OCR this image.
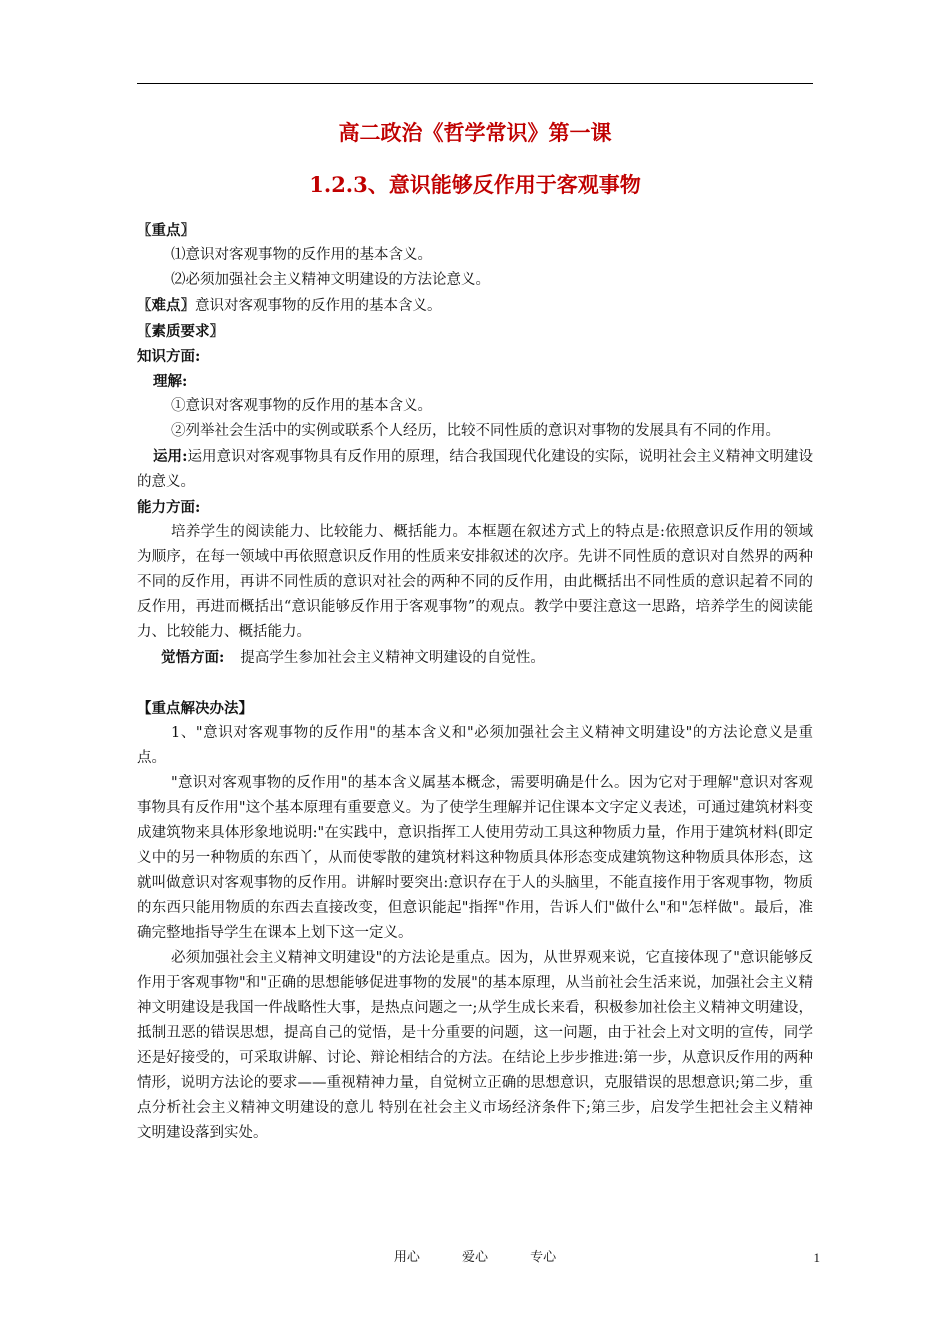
高二政治《哲学常识》第一课
1.2.3、意识能够反作用于客观事物

〖重点〗

⑴意识对客观事物的反作用的基本含义。

⑵必须加强社会主义精神文明建设的方法论意义。

〖难点〗意识对客观事物的反作用的基本含义。

〖素质要求〗

知识方面:

理解:

①意识对客观事物的反作用的基本含义。

②列举社会生活中的实例或联系个人经历，比较不同性质的意识对事物的发展具有不同的作用。

运用:运用意识对客观事物具有反作用的原理，结合我国现代化建设的实际，说明社会主义精神文明建设的意义。

能力方面:

培养学生的阅读能力、比较能力、概括能力。本框题在叙述方式上的特点是:依照意识反作用的领域为顺序，在每一领域中再依照意识反作用的性质来安排叙述的次序。先讲不同性质的意识对自然界的两种不同的反作用，再讲不同性质的意识对社会的两种不同的反作用，由此概括出不同性质的意识起着不同的反作用，再进而概括出“意识能够反作用于客观事物”的观点。教学中要注意这一思路，培养学生的阅读能力、比较能力、概括能力。

觉悟方面: 提高学生参加社会主义精神文明建设的自觉性。

【重点解决办法】

1、"意识对客观事物的反作用"的基本含义和"必须加强社会主义精神文明建设"的方法论意义是重点。

"意识对客观事物的反作用"的基本含义属基本概念，需要明确是什么。因为它对于理解"意识对客观事物具有反作用"这个基本原理有重要意义。为了使学生理解并记住课本文字定义表述，可通过建筑材料变成建筑物来具体形象地说明:"在实践中，意识指挥工人使用劳动工具这种物质力量，作用于建筑材料(即定义中的另一种物质的东西丫，从而使零散的建筑材料这种物质具体形态变成建筑物这种物质具体形态，这就叫做意识对客观事物的反作用。讲解时要突出:意识存在于人的头脑里，不能直接作用于客观事物，物质的东西只能用物质的东西去直接改变，但意识能起"指挥"作用，告诉人们"做什么"和"怎样做"。最后，准确完整地指导学生在课本上划下这一定义。

必须加强社会主义精神文明建设"的方法论是重点。因为，从世界观来说，它直接体现了"意识能够反作用于客观事物"和"正确的思想能够促进事物的发展"的基本原理，从当前社会生活来说，加强社会主义精神文明建设是我国一件战略性大事，是热点问题之一;从学生成长来看，积极参加社侩主义精神文明建设，抵制丑恶的错误思想，提高自己的觉悟，是十分重要的问题，这一问题，由于社会上对文明的宣传，同学还是好接受的，可采取讲解、讨论、辩论相结合的方法。在结论上步步推进:第一步，从意识反作用的两种情形，说明方法论的要求——重视精神力量，自觉树立正确的思想意识，克服错误的思想意识;第二步，重点分析社会主义精神文明建设的意儿 特别在社会主义市场经济条件下;第三步，启发学生把社会主义精神文明建设落到实处。

用心	爱心	专心	1
